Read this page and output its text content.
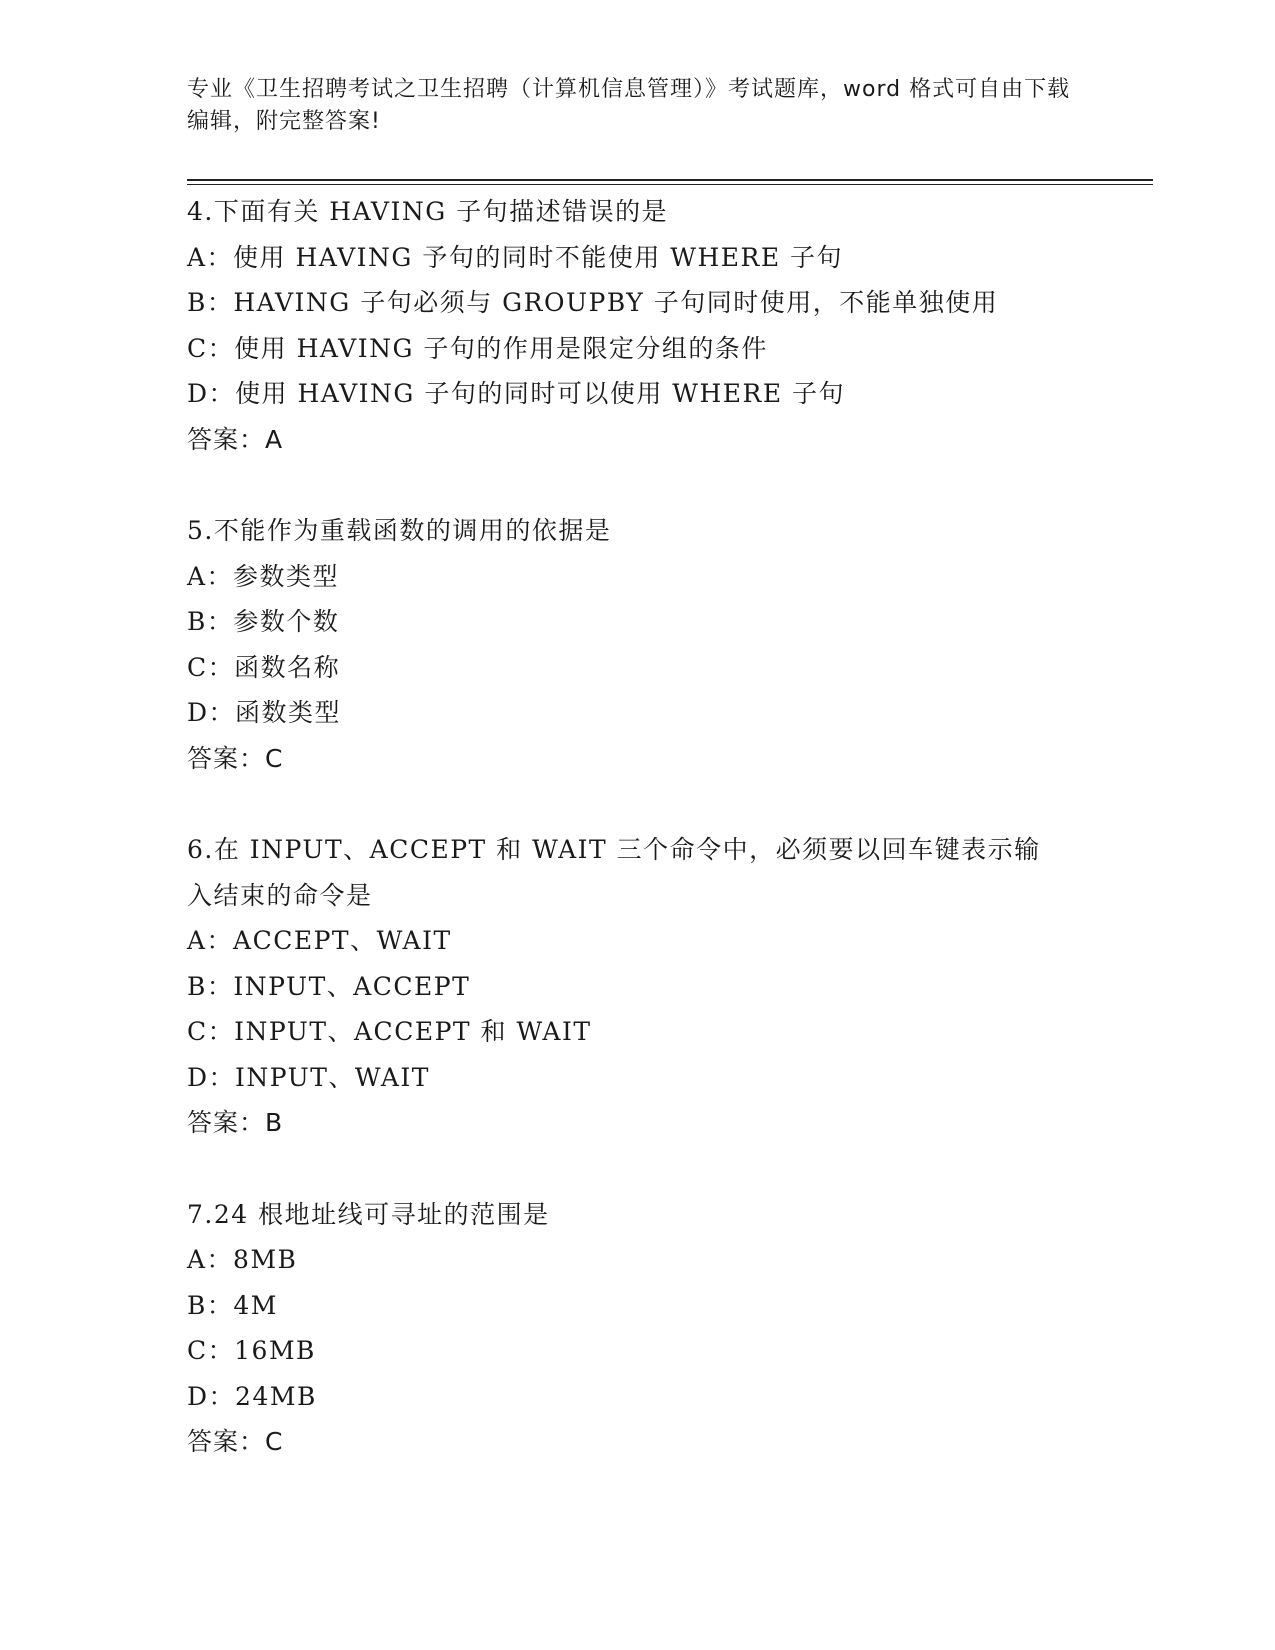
专业《卫生招聘考试之卫生招聘（计算机信息管理）》考试题库，word 格式可自由下载编辑，附完整答案!
4.下面有关 HAVING 子句描述错误的是
A：使用 HAVING 予句的同时不能使用 WHERE 子句
B：HAVING 子句必须与 GROUPBY 子句同时使用，不能单独使用
C：使用 HAVING 子句的作用是限定分组的条件
D：使用 HAVING 子句的同时可以使用 WHERE 子句
答案：A
5.不能作为重载函数的调用的依据是
A：参数类型
B：参数个数
C：函数名称
D：函数类型
答案：C
6.在 INPUT、ACCEPT 和 WAIT 三个命令中，必须要以回车键表示输入结束的命令是
A：ACCEPT、WAIT
B：INPUT、ACCEPT
C：INPUT、ACCEPT 和 WAIT
D：INPUT、WAIT
答案：B
7.24 根地址线可寻址的范围是
A：8MB
B：4M
C：16MB
D：24MB
答案：C
